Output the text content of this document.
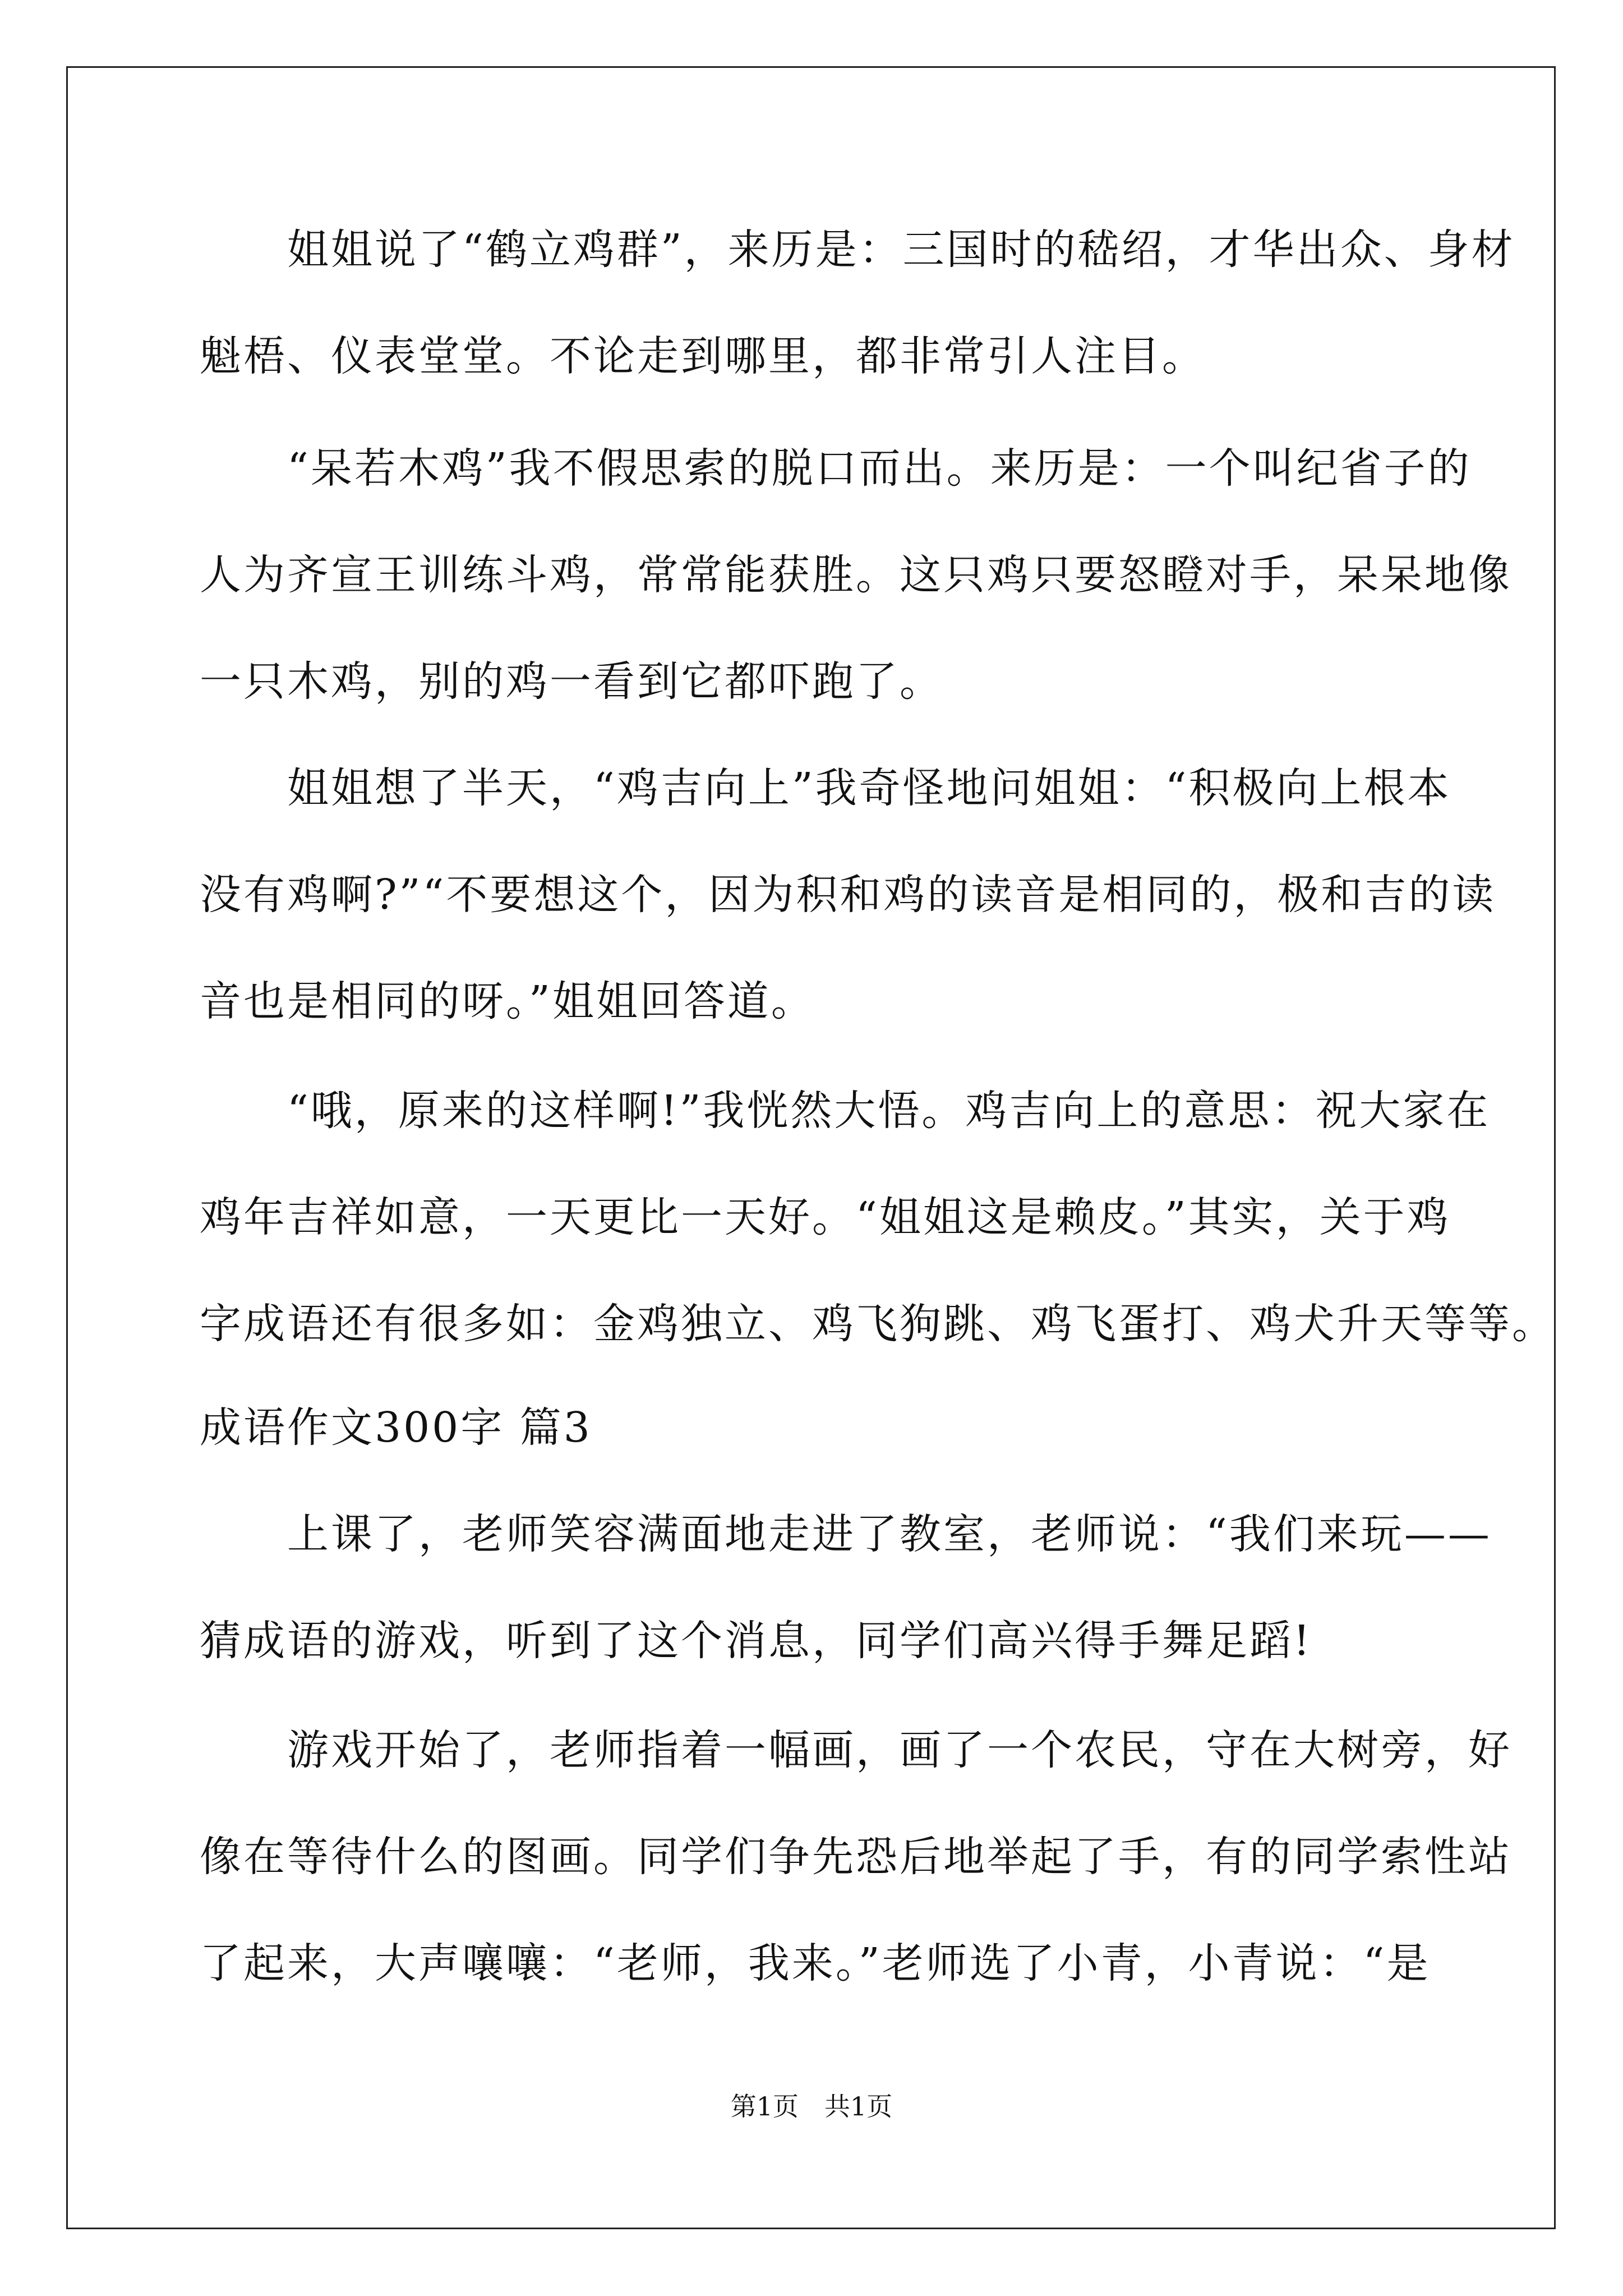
　　姐姐说了“鹤立鸡群”，来历是：三国时的嵇绍，才华出众、身材
魁梧、仪表堂堂。不论走到哪里，都非常引人注目。
　　“呆若木鸡”我不假思索的脱口而出。来历是：一个叫纪省子的
人为齐宣王训练斗鸡，常常能获胜。这只鸡只要怒瞪对手，呆呆地像
一只木鸡，别的鸡一看到它都吓跑了。
　　姐姐想了半天，“鸡吉向上”我奇怪地问姐姐：“积极向上根本
没有鸡啊?”“不要想这个，因为积和鸡的读音是相同的，极和吉的读
音也是相同的呀。”姐姐回答道。
　　“哦，原来的这样啊!”我恍然大悟。鸡吉向上的意思：祝大家在
鸡年吉祥如意，一天更比一天好。“姐姐这是赖皮。”其实，关于鸡
字成语还有很多如：金鸡独立、鸡飞狗跳、鸡飞蛋打、鸡犬升天等等。
成语作文300字 篇3
　　上课了，老师笑容满面地走进了教室，老师说：“我们来玩——
猜成语的游戏，听到了这个消息，同学们高兴得手舞足蹈!
　　游戏开始了，老师指着一幅画，画了一个农民，守在大树旁，好
像在等待什么的图画。同学们争先恐后地举起了手，有的同学索性站
了起来，大声嚷嚷：“老师，我来。”老师选了小青，小青说：“是
第1页　共1页
